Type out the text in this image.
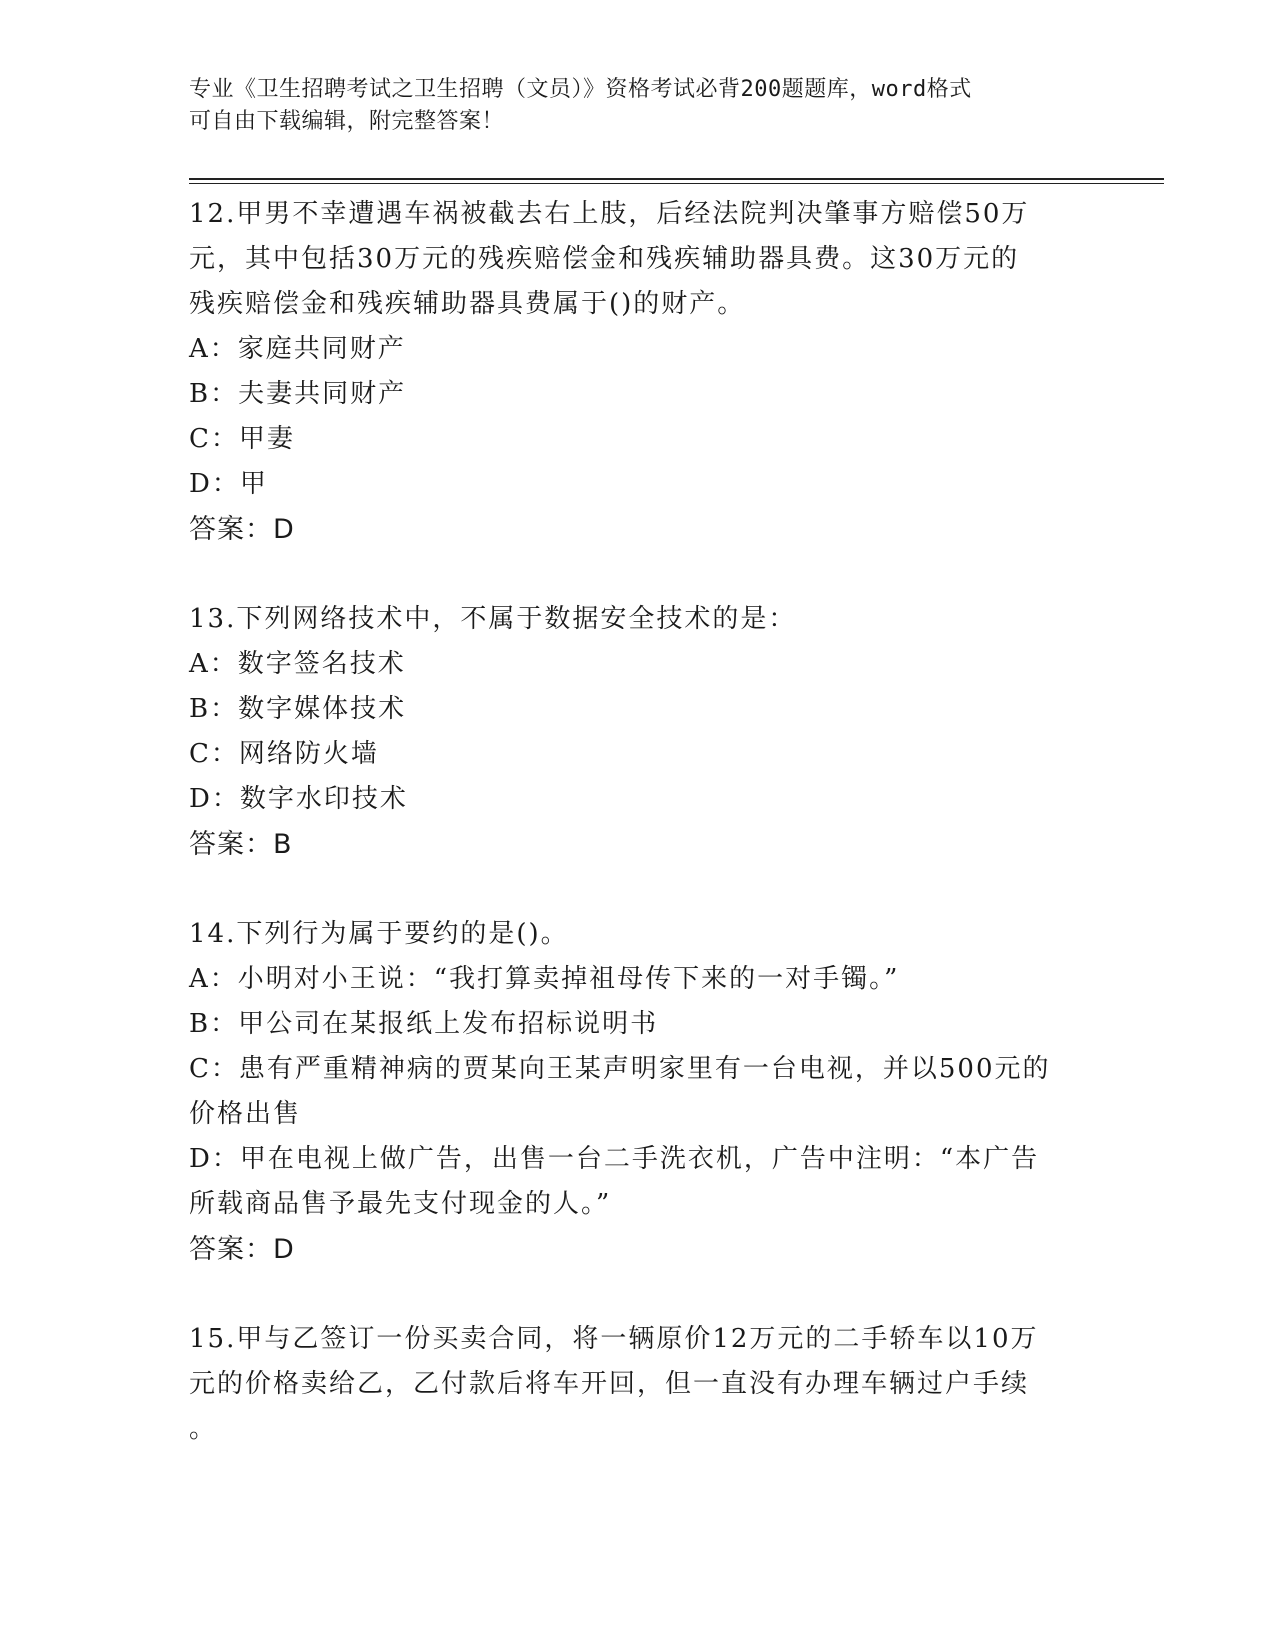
专业《卫生招聘考试之卫生招聘（文员）》资格考试必背200题题库，word格式
可自由下载编辑，附完整答案！
12.甲男不幸遭遇车祸被截去右上肢，后经法院判决肇事方赔偿50万
元，其中包括30万元的残疾赔偿金和残疾辅助器具费。这30万元的
残疾赔偿金和残疾辅助器具费属于()的财产。
A：家庭共同财产
B：夫妻共同财产
C：甲妻
D：甲
答案：D
13.下列网络技术中，不属于数据安全技术的是：
A：数字签名技术
B：数字媒体技术
C：网络防火墙
D：数字水印技术
答案：B
14.下列行为属于要约的是()。
A：小明对小王说：“我打算卖掉祖母传下来的一对手镯。”
B：甲公司在某报纸上发布招标说明书
C：患有严重精神病的贾某向王某声明家里有一台电视，并以500元的
价格出售
D：甲在电视上做广告，出售一台二手洗衣机，广告中注明：“本广告
所载商品售予最先支付现金的人。”
答案：D
15.甲与乙签订一份买卖合同，将一辆原价12万元的二手轿车以10万
元的价格卖给乙，乙付款后将车开回，但一直没有办理车辆过户手续
。
